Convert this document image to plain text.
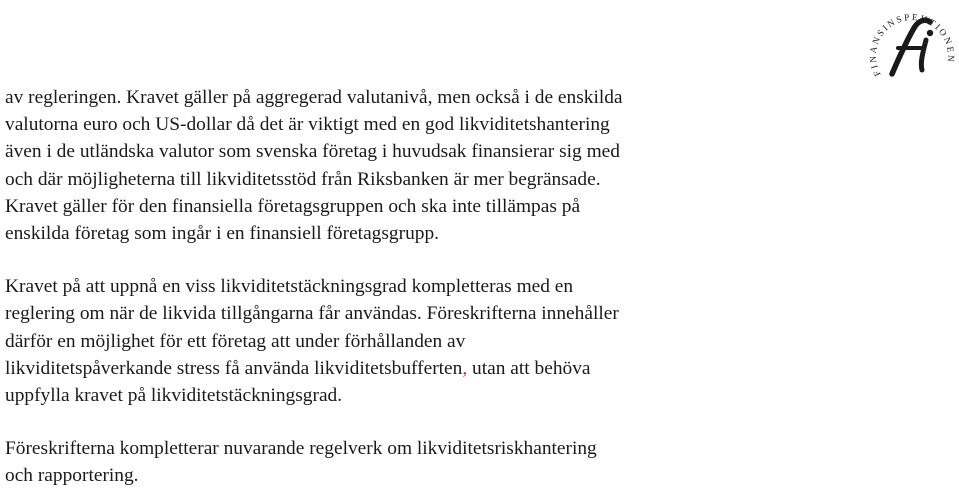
FINANSINSPEKTIONEN

av regleringen. Kravet gäller på aggregerad valutanivå, men också i de enskilda
valutorna euro och US-dollar då det är viktigt med en god likviditetshantering
även i de utländska valutor som svenska företag i huvudsak finansierar sig med
och där möjligheterna till likviditetsstöd från Riksbanken är mer begränsade.
Kravet gäller för den finansiella företagsgruppen och ska inte tillämpas på
enskilda företag som ingår i en finansiell företagsgrupp.

Kravet på att uppnå en viss likviditetstäckningsgrad kompletteras med en
reglering om när de likvida tillgångarna får användas. Föreskrifterna innehåller
därför en möjlighet för ett företag att under förhållanden av
likviditetspåverkande stress få använda likviditetsbufferten, utan att behöva
uppfylla kravet på likviditetstäckningsgrad.

Föreskrifterna kompletterar nuvarande regelverk om likviditetsriskhantering
och rapportering.
